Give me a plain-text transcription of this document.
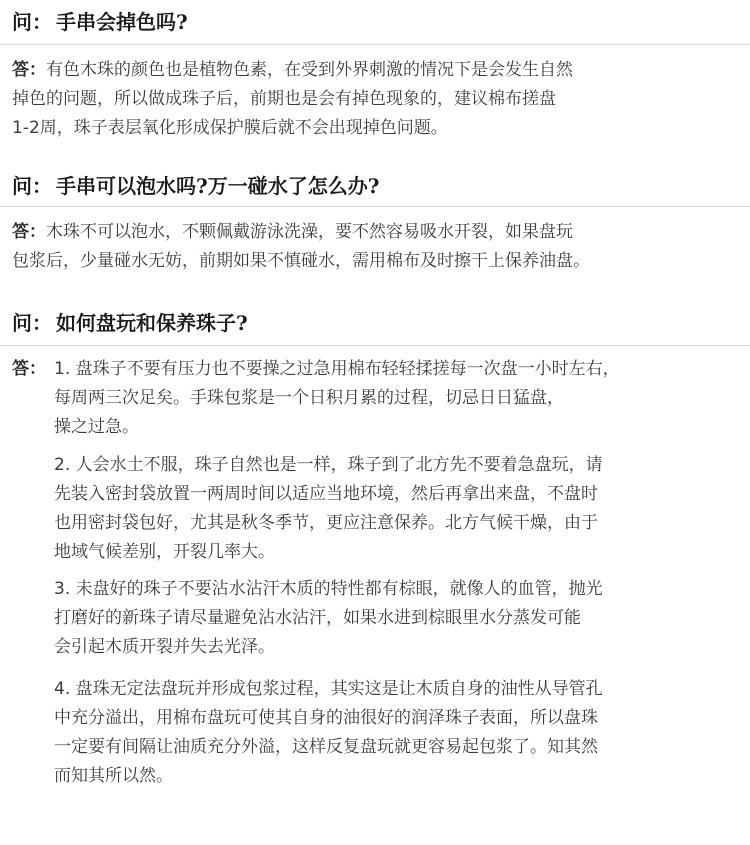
问： 手串会掉色吗?
答：有色木珠的颜色也是植物色素，在受到外界刺激的情况下是会发生自然
掉色的问题，所以做成珠子后，前期也是会有掉色现象的，建议棉布搓盘
1-2周，珠子表层氧化形成保护膜后就不会出现掉色问题。
问： 手串可以泡水吗?万一碰水了怎么办?
答：木珠不可以泡水，不颗佩戴游泳洗澡，要不然容易吸水开裂，如果盘玩
包浆后，少量碰水无妨，前期如果不慎碰水，需用棉布及时擦干上保养油盘。
问： 如何盘玩和保养珠子?
答： 1. 盘珠子不要有压力也不要操之过急用棉布轻轻揉搓每一次盘一小时左右，
每周两三次足矣。手珠包浆是一个日积月累的过程，切忌日日猛盘，
操之过急。
2. 人会水土不服，珠子自然也是一样，珠子到了北方先不要着急盘玩，请
先装入密封袋放置一两周时间以适应当地环境，然后再拿出来盘，不盘时
也用密封袋包好，尤其是秋冬季节，更应注意保养。北方气候干燥，由于
地域气候差别，开裂几率大。
3. 未盘好的珠子不要沾水沾汗木质的特性都有棕眼，就像人的血管，抛光
打磨好的新珠子请尽量避免沾水沾汗，如果水进到棕眼里水分蒸发可能
会引起木质开裂并失去光泽。
4. 盘珠无定法盘玩并形成包浆过程，其实这是让木质自身的油性从导管孔
中充分溢出，用棉布盘玩可使其自身的油很好的润泽珠子表面，所以盘珠
一定要有间隔让油质充分外溢，这样反复盘玩就更容易起包浆了。知其然
而知其所以然。
